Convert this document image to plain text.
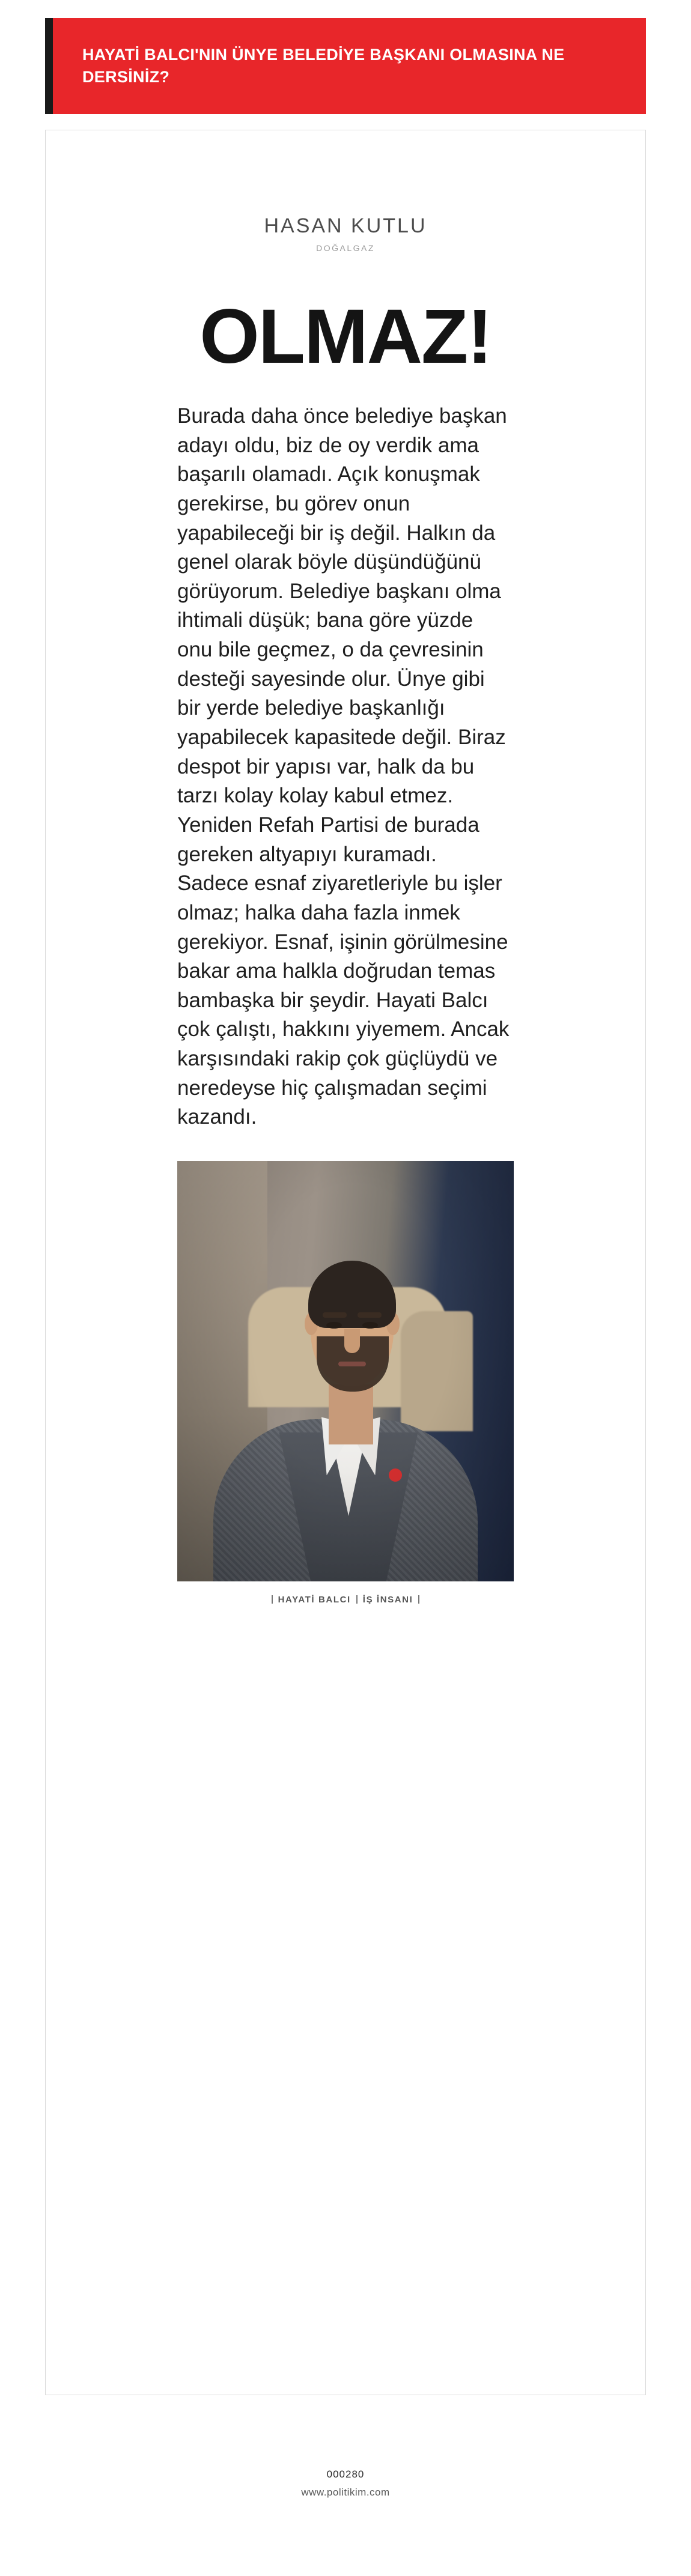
HAYATİ BALCI'NIN ÜNYE BELEDİYE BAŞKANI OLMASINA NE DERSİNİZ?
HASAN KUTLU
DOĞALGAZ
OLMAZ!
Burada daha önce belediye başkan adayı oldu, biz de oy verdik ama başarılı olamadı. Açık konuşmak gerekirse, bu görev onun yapabileceği bir iş değil. Halkın da genel olarak böyle düşündüğünü görüyorum. Belediye başkanı olma ihtimali düşük; bana göre yüzde onu bile geçmez, o da çevresinin desteği sayesinde olur. Ünye gibi bir yerde belediye başkanlığı yapabilecek kapasitede değil. Biraz despot bir yapısı var, halk da bu tarzı kolay kolay kabul etmez. Yeniden Refah Partisi de burada gereken altyapıyı kuramadı. Sadece esnaf ziyaretleriyle bu işler olmaz; halka daha fazla inmek gerekiyor. Esnaf, işinin görülmesine bakar ama halkla doğrudan temas bambaşka bir şeydir. Hayati Balcı çok çalıştı, hakkını yiyemem. Ancak karşısındaki rakip çok güçlüydü ve neredeyse hiç çalışmadan seçimi kazandı.
HAYATİ BALCI İŞ İNSANI
000280
www.politikim.com
